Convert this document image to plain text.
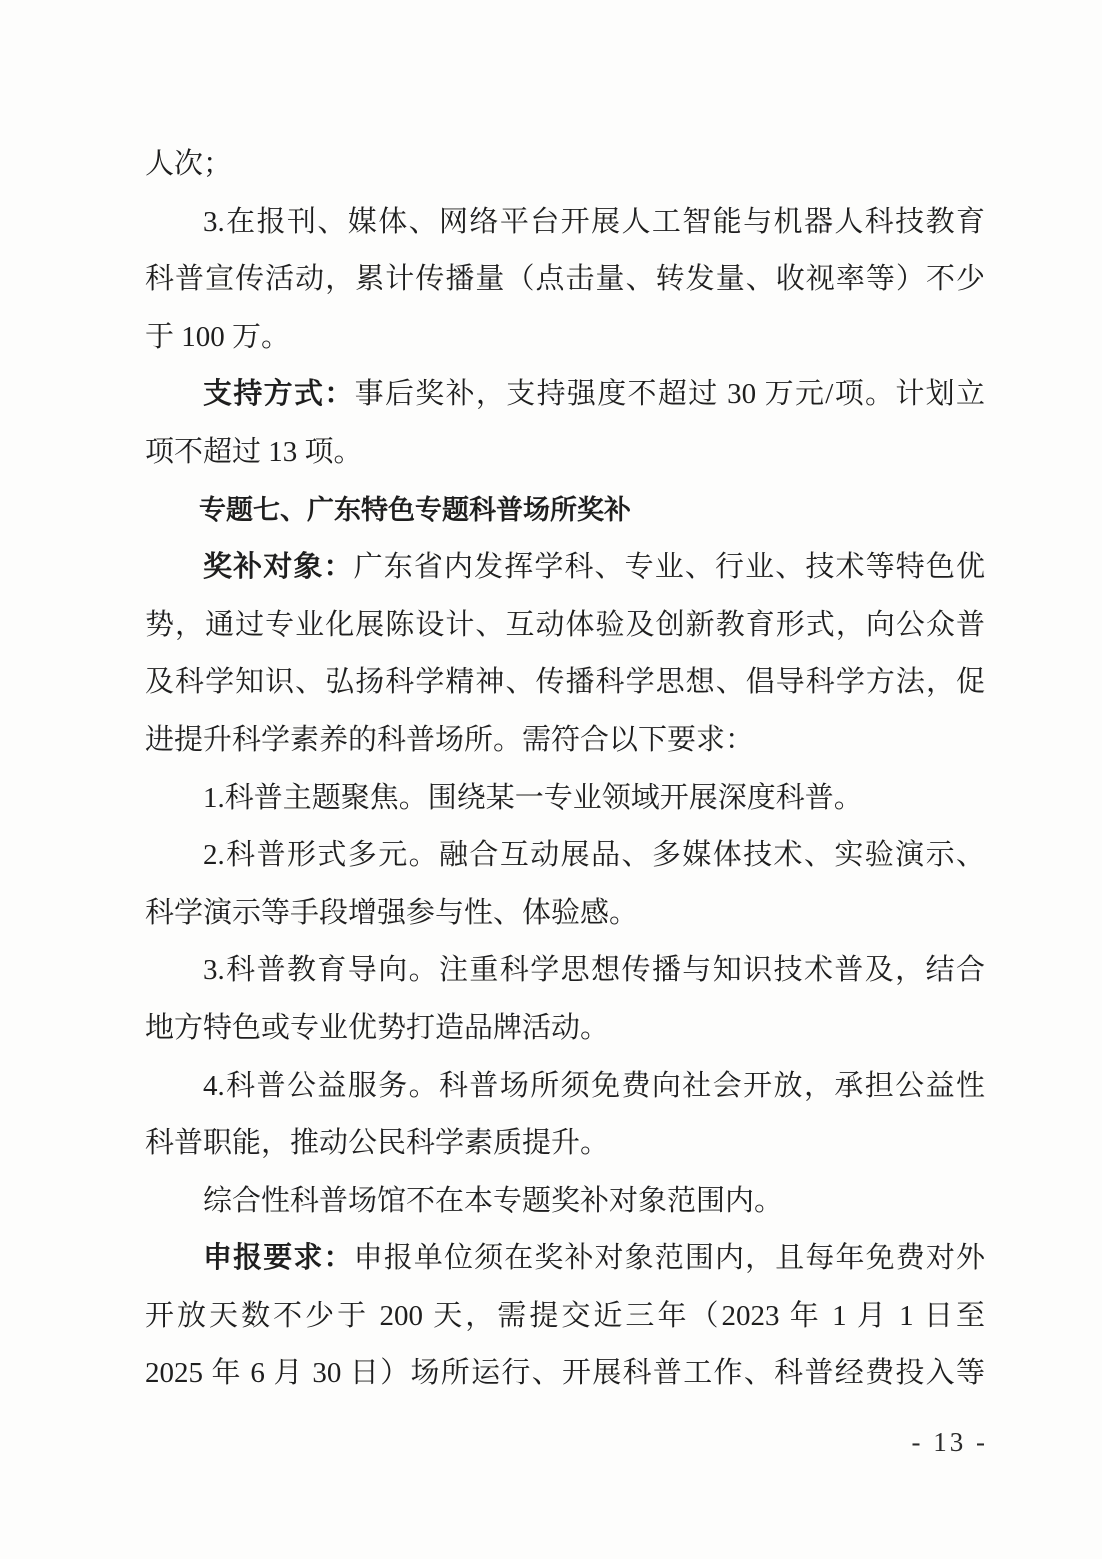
人次；
3.在报刊、媒体、网络平台开展人工智能与机器人科技教育
科普宣传活动，累计传播量（点击量、转发量、收视率等）不少
于 100 万。
支持方式：事后奖补，支持强度不超过 30 万元/项。计划立
项不超过 13 项。
专题七、广东特色专题科普场所奖补
奖补对象：广东省内发挥学科、专业、行业、技术等特色优
势，通过专业化展陈设计、互动体验及创新教育形式，向公众普
及科学知识、弘扬科学精神、传播科学思想、倡导科学方法，促
进提升科学素养的科普场所。需符合以下要求：
1.科普主题聚焦。围绕某一专业领域开展深度科普。
2.科普形式多元。融合互动展品、多媒体技术、实验演示、
科学演示等手段增强参与性、体验感。
3.科普教育导向。注重科学思想传播与知识技术普及，结合
地方特色或专业优势打造品牌活动。
4.科普公益服务。科普场所须免费向社会开放，承担公益性
科普职能，推动公民科学素质提升。
综合性科普场馆不在本专题奖补对象范围内。
申报要求：申报单位须在奖补对象范围内，且每年免费对外
开放天数不少于 200 天，需提交近三年（2023 年 1 月 1 日至
2025 年 6 月 30 日）场所运行、开展科普工作、科普经费投入等
- 13 -
